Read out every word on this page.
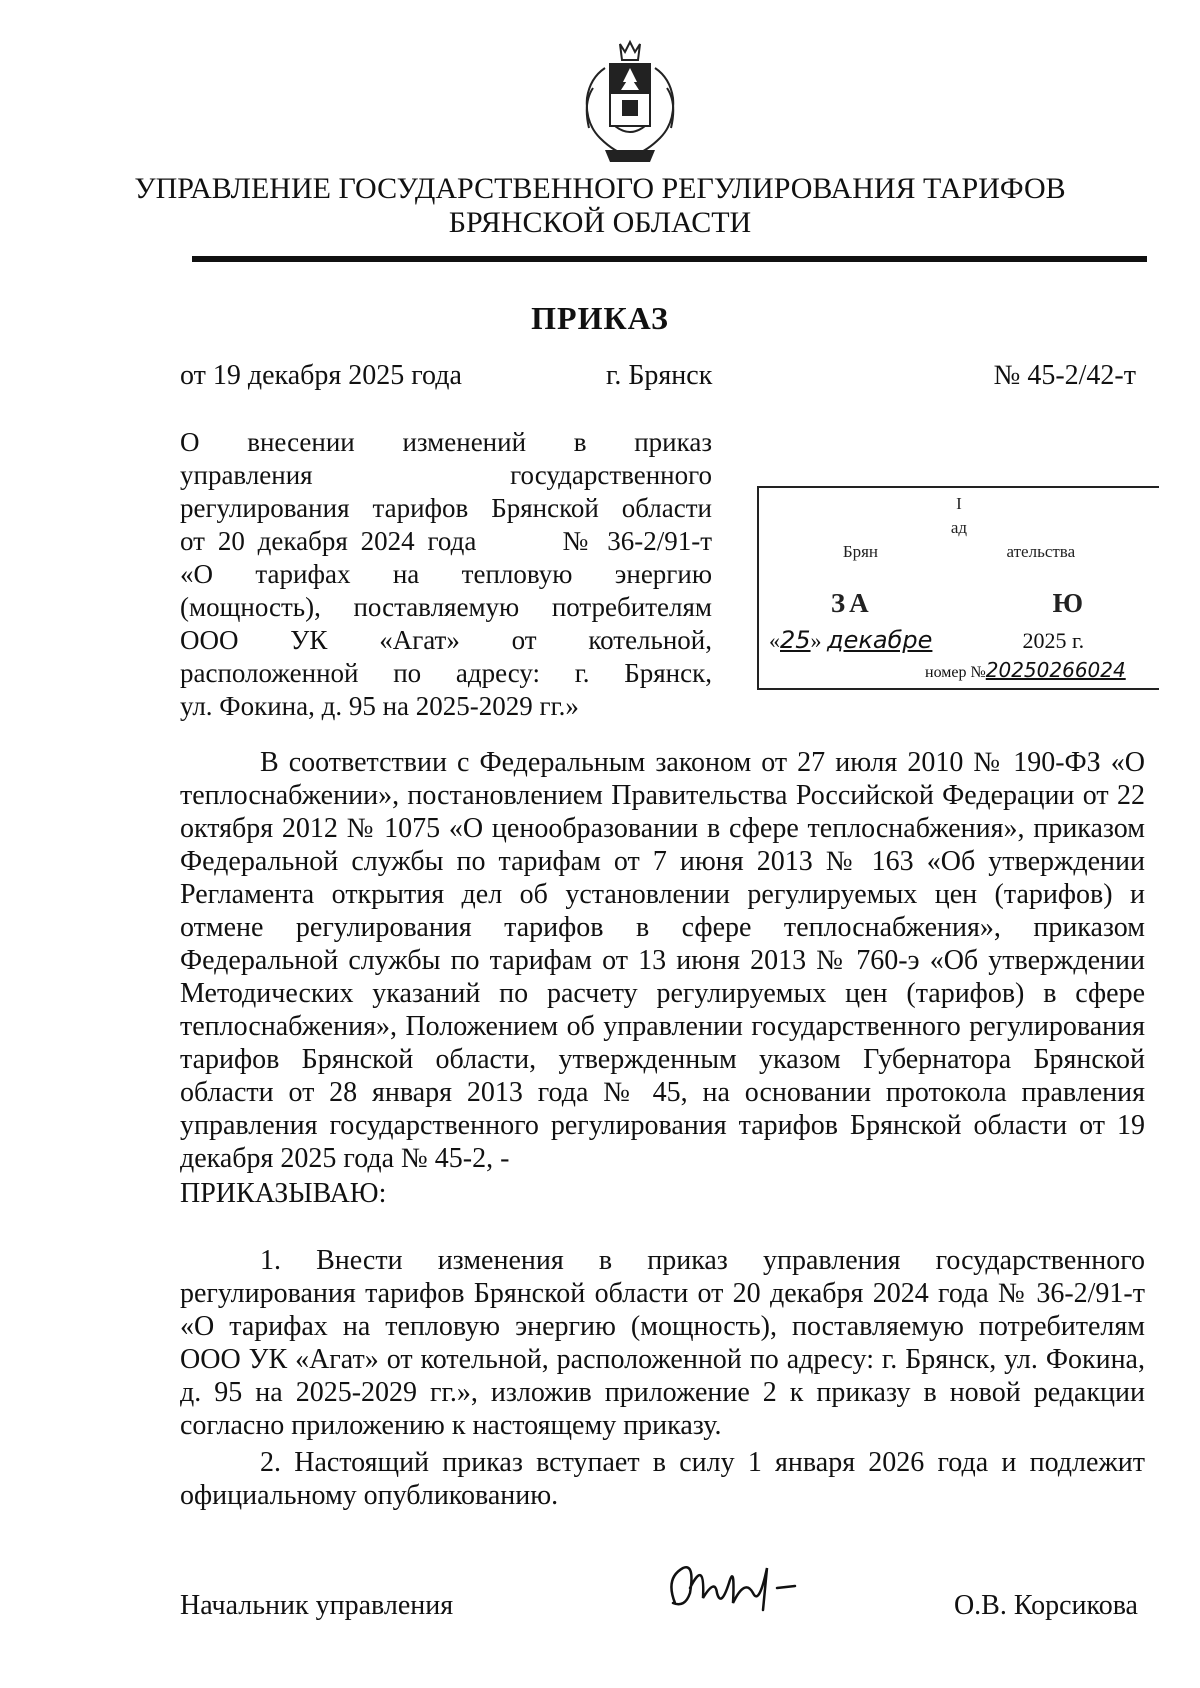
УПРАВЛЕНИЕ ГОСУДАРСТВЕННОГО РЕГУЛИРОВАНИЯ ТАРИФОВ
БРЯНСКОЙ ОБЛАСТИ
ПРИКАЗ
от 19 декабря 2025 года	г. Брянск	№ 45-2/42-т
О внесении изменений в приказ
управления государственного
регулирования тарифов Брянской области
от 20 декабря 2024 года	№ 36-2/91-т
«О тарифах на тепловую энергию
(мощность), поставляемую потребителям
ООО УК «Агат» от котельной,
расположенной по адресу: г. Брянск,
ул. Фокина, д. 95 на 2025-2029 гг.»
I
ад
Брян	ательства
ЗА	Ю
«25» декабре	2025 г.
номер №20250266024
В соответствии с Федеральным законом от 27 июля 2010 № 190-ФЗ «О теплоснабжении», постановлением Правительства Российской Федерации от 22 октября 2012 № 1075 «О ценообразовании в сфере теплоснабжения», приказом Федеральной службы по тарифам от 7 июня 2013 № 163 «Об утверждении Регламента открытия дел об установлении регулируемых цен (тарифов) и отмене регулирования тарифов в сфере теплоснабжения», приказом Федеральной службы по тарифам от 13 июня 2013 № 760-э «Об утверждении Методических указаний по расчету регулируемых цен (тарифов) в сфере теплоснабжения», Положением об управлении государственного регулирования тарифов Брянской области, утвержденным указом Губернатора Брянской области от 28 января 2013 года № 45, на основании протокола правления управления государственного регулирования тарифов Брянской области от 19 декабря 2025 года № 45-2, -
ПРИКАЗЫВАЮ:
1. Внести изменения в приказ управления государственного регулирования тарифов Брянской области от 20 декабря 2024 года № 36-2/91-т «О тарифах на тепловую энергию (мощность), поставляемую потребителям ООО УК «Агат» от котельной, расположенной по адресу: г. Брянск, ул. Фокина, д. 95 на 2025-2029 гг.», изложив приложение 2 к приказу в новой редакции согласно приложению к настоящему приказу.
2. Настоящий приказ вступает в силу 1 января 2026 года и подлежит официальному опубликованию.
Начальник управления	О.В. Корсикова
